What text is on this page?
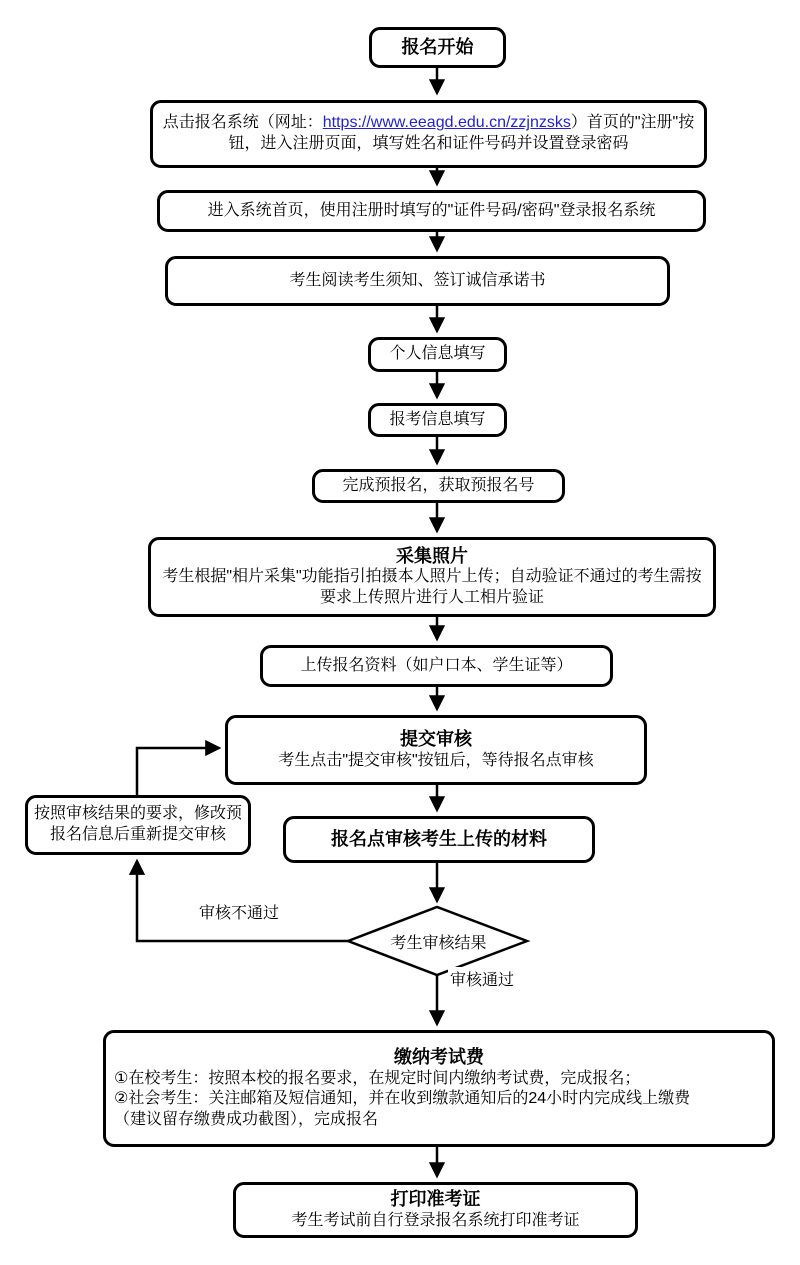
报名开始
点击报名系统（网址：https://www.eeagd.edu.cn/zzjnzsks）首页的"注册"按钮，进入注册页面，填写姓名和证件号码并设置登录密码
进入系统首页，使用注册时填写的"证件号码/密码"登录报名系统
考生阅读考生须知、签订诚信承诺书
个人信息填写
报考信息填写
完成预报名，获取预报名号
采集照片
考生根据"相片采集"功能指引拍摄本人照片上传；自动验证不通过的考生需按要求上传照片进行人工相片验证
上传报名资料（如户口本、学生证等）
提交审核
考生点击"提交审核"按钮后，等待报名点审核
按照审核结果的要求，修改预报名信息后重新提交审核	报名点审核考生上传的材料
考生审核结果
审核不通过
审核通过
缴纳考试费
①在校考生：按照本校的报名要求，在规定时间内缴纳考试费，完成报名；
②社会考生：关注邮箱及短信通知，并在收到缴款通知后的24小时内完成线上缴费
（建议留存缴费成功截图），完成报名
打印准考证
考生考试前自行登录报名系统打印准考证
